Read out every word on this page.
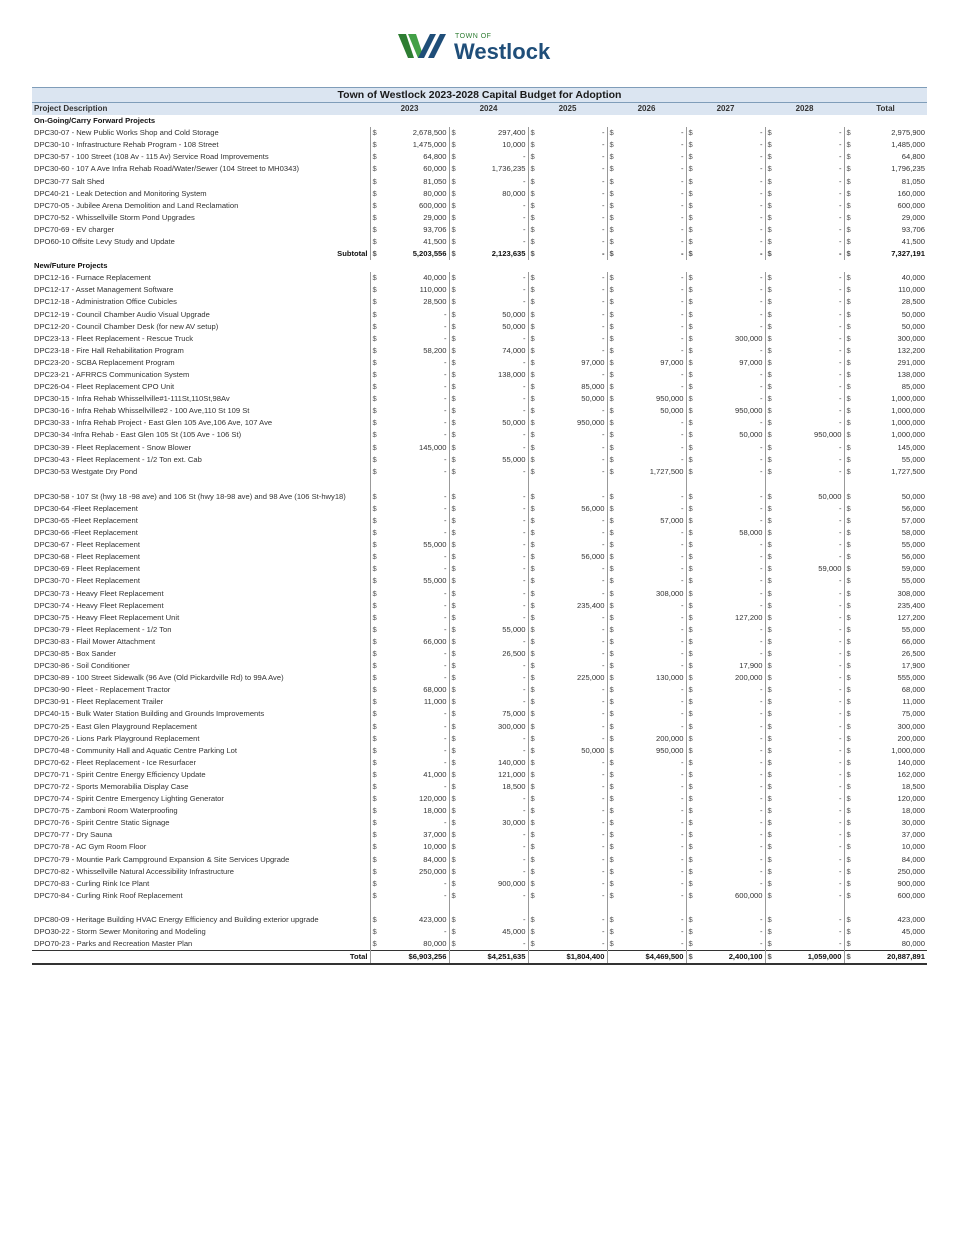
TOWN OF
Westlock
Town of Westlock 2023-2028 Capital Budget for Adoption
Project Description	2023	2024	2025	2026	2027	2028	Total
On-Going/Carry Forward Projects							
DPC30-07 - New Public Works Shop and Cold Storage	$ 2,678,500	$ 297,400	$ -	$ -	$ -	$ -	$ 2,975,900

DPC30-10 - Infrastructure Rehab Program - 108 Street	$ 1,475,000	$ 10,000	$ -	$ -	$ -	$ -	$ 1,485,000

DPC30-57 - 100 Street (108 Av - 115 Av) Service Road Improvements	$ 64,800	$ -	$ -	$ -	$ -	$ -	$ 64,800

DPC30-60 - 107 A Ave Infra Rehab Road/Water/Sewer (104 Street to MH0343)	$ 60,000	$ 1,736,235	$ -	$ -	$ -	$ -	$ 1,796,235

DPC30-77 Salt Shed	$ 81,050	$ -	$ -	$ -	$ -	$ -	$ 81,050

DPC40-21 - Leak Detection and Monitoring System	$ 80,000	$ 80,000	$ -	$ -	$ -	$ -	$ 160,000

DPC70-05 - Jubilee Arena Demolition and Land Reclamation	$ 600,000	$ -	$ -	$ -	$ -	$ -	$ 600,000

DPC70-52 - Whissellville Storm Pond Upgrades	$ 29,000	$ -	$ -	$ -	$ -	$ -	$ 29,000

DPC70-69 - EV charger	$ 93,706	$ -	$ -	$ -	$ -	$ -	$ 93,706

DPO60-10 Offsite Levy Study and Update	$ 41,500	$ -	$ -	$ -	$ -	$ -	$ 41,500

Subtotal	$ 5,203,556	$ 2,123,635	$ -	$ -	$ -	$ -	$ 7,327,191

New/Future Projects							
DPC12-16 - Furnace Replacement	$ 40,000	$ -	$ -	$ -	$ -	$ -	$ 40,000

DPC12-17 - Asset Management Software	$ 110,000	$ -	$ -	$ -	$ -	$ -	$ 110,000

DPC12-18 - Administration Office Cubicles	$ 28,500	$ -	$ -	$ -	$ -	$ -	$ 28,500

DPC12-19 - Council Chamber Audio Visual Upgrade	$ -	$ 50,000	$ -	$ -	$ -	$ -	$ 50,000

DPC12-20 - Council Chamber Desk (for new AV setup)	$ -	$ 50,000	$ -	$ -	$ -	$ -	$ 50,000

DPC23-13 - Fleet Replacement - Rescue Truck	$ -	$ -	$ -	$ -	$ 300,000	$ -	$ 300,000

DPC23-18 - Fire Hall Rehabilitation Program	$ 58,200	$ 74,000	$ -	$ -	$ -	$ -	$ 132,200

DPC23-20 - SCBA Replacement Program	$ -	$ -	$ 97,000	$ 97,000	$ 97,000	$ -	$ 291,000

DPC23-21 - AFRRCS Communication System	$ -	$ 138,000	$ -	$ -	$ -	$ -	$ 138,000

DPC26-04 - Fleet Replacement CPO Unit	$ -	$ -	$ 85,000	$ -	$ -	$ -	$ 85,000

DPC30-15 - Infra Rehab Whissellville#1-111St,110St,98Av	$ -	$ -	$ 50,000	$ 950,000	$ -	$ -	$ 1,000,000

DPC30-16 - Infra Rehab Whissellville#2 - 100 Ave,110 St 109 St	$ -	$ -	$ -	$ 50,000	$ 950,000	$ -	$ 1,000,000

DPC30-33 - Infra Rehab Project - East Glen 105 Ave,106 Ave, 107 Ave	$ -	$ 50,000	$ 950,000	$ -	$ -	$ -	$ 1,000,000

DPC30-34 -Infra Rehab - East Glen 105 St (105 Ave - 106 St)	$ -	$ -	$ -	$ -	$ 50,000	$ 950,000	$ 1,000,000

DPC30-39 - Fleet Replacement - Snow Blower	$ 145,000	$ -	$ -	$ -	$ -	$ -	$ 145,000

DPC30-43 - Fleet Replacement - 1/2 Ton ext. Cab	$ -	$ 55,000	$ -	$ -	$ -	$ -	$ 55,000

DPC30-53 Westgate Dry Pond	$ -	$ -	$ -	$ 1,727,500	$ -	$ -	$ 1,727,500

DPC30-58 - 107 St (hwy 18 -98 ave) and 106 St (hwy 18-98 ave) and 98 Ave (106 St-hwy18)	$ -	$ -	$ -	$ -	$ -	$ 50,000	$ 50,000

DPC30-64 -Fleet Replacement	$ -	$ -	$ 56,000	$ -	$ -	$ -	$ 56,000

DPC30-65 -Fleet Replacement	$ -	$ -	$ -	$ 57,000	$ -	$ -	$ 57,000

DPC30-66 -Fleet Replacement	$ -	$ -	$ -	$ -	$ 58,000	$ -	$ 58,000

DPC30-67 - Fleet Replacement	$ 55,000	$ -	$ -	$ -	$ -	$ -	$ 55,000

DPC30-68 - Fleet Replacement	$ -	$ -	$ 56,000	$ -	$ -	$ -	$ 56,000

DPC30-69 - Fleet Replacement	$ -	$ -	$ -	$ -	$ -	$ 59,000	$ 59,000

DPC30-70 - Fleet Replacement	$ 55,000	$ -	$ -	$ -	$ -	$ -	$ 55,000

DPC30-73 - Heavy Fleet Replacement	$ -	$ -	$ -	$ 308,000	$ -	$ -	$ 308,000

DPC30-74 - Heavy Fleet Replacement	$ -	$ -	$ 235,400	$ -	$ -	$ -	$ 235,400

DPC30-75 - Heavy Fleet Replacement Unit	$ -	$ -	$ -	$ -	$ 127,200	$ -	$ 127,200

DPC30-79 - Fleet Replacement - 1/2 Ton	$ -	$ 55,000	$ -	$ -	$ -	$ -	$ 55,000

DPC30-83 - Flail Mower Attachment	$ 66,000	$ -	$ -	$ -	$ -	$ -	$ 66,000

DPC30-85 - Box Sander	$ -	$ 26,500	$ -	$ -	$ -	$ -	$ 26,500

DPC30-86 - Soil Conditioner	$ -	$ -	$ -	$ -	$ 17,900	$ -	$ 17,900

DPC30-89 - 100 Street Sidewalk (96 Ave (Old Pickardville Rd) to 99A Ave)	$ -	$ -	$ 225,000	$ 130,000	$ 200,000	$ -	$ 555,000

DPC30-90 - Fleet - Replacement Tractor	$ 68,000	$ -	$ -	$ -	$ -	$ -	$ 68,000

DPC30-91 - Fleet Replacement Trailer	$ 11,000	$ -	$ -	$ -	$ -	$ -	$ 11,000

DPC40-15 - Bulk Water Station Building and Grounds Improvements	$ -	$ 75,000	$ -	$ -	$ -	$ -	$ 75,000

DPC70-25 - East Glen Playground Replacement	$ -	$ 300,000	$ -	$ -	$ -	$ -	$ 300,000

DPC70-26 - Lions Park Playground Replacement	$ -	$ -	$ -	$ 200,000	$ -	$ -	$ 200,000

DPC70-48 - Community Hall and Aquatic Centre Parking Lot	$ -	$ -	$ 50,000	$ 950,000	$ -	$ -	$ 1,000,000

DPC70-62 - Fleet Replacement - Ice Resurfacer	$ -	$ 140,000	$ -	$ -	$ -	$ -	$ 140,000

DPC70-71 - Spirit Centre Energy Efficiency Update	$ 41,000	$ 121,000	$ -	$ -	$ -	$ -	$ 162,000

DPC70-72 - Sports Memorabilia Display Case	$ -	$ 18,500	$ -	$ -	$ -	$ -	$ 18,500

DPC70-74 - Spirit Centre Emergency Lighting Generator	$ 120,000	$ -	$ -	$ -	$ -	$ -	$ 120,000

DPC70-75 - Zamboni Room Waterproofing	$ 18,000	$ -	$ -	$ -	$ -	$ -	$ 18,000

DPC70-76 - Spirit Centre Static Signage	$ -	$ 30,000	$ -	$ -	$ -	$ -	$ 30,000

DPC70-77 - Dry Sauna	$ 37,000	$ -	$ -	$ -	$ -	$ -	$ 37,000

DPC70-78 - AC Gym Room Floor	$ 10,000	$ -	$ -	$ -	$ -	$ -	$ 10,000

DPC70-79 - Mountie Park Campground Expansion & Site Services Upgrade	$ 84,000	$ -	$ -	$ -	$ -	$ -	$ 84,000

DPC70-82 - Whissellville Natural Accessibility Infrastructure	$ 250,000	$ -	$ -	$ -	$ -	$ -	$ 250,000

DPC70-83 - Curling Rink Ice Plant	$ -	$ 900,000	$ -	$ -	$ -	$ -	$ 900,000

DPC70-84 - Curling Rink Roof Replacement	$ -	$ -	$ -	$ -	$ 600,000	$ -	$ 600,000

DPC80-09 - Heritage Building HVAC Energy Efficiency and Building exterior upgrade	$ 423,000	$ -	$ -	$ -	$ -	$ -	$ 423,000

DPO30-22 - Storm Sewer Monitoring and Modeling	$ -	$ 45,000	$ -	$ -	$ -	$ -	$ 45,000

DPO70-23 - Parks and Recreation Master Plan	$ 80,000	$ -	$ -	$ -	$ -	$ -	$ 80,000

Total	$6,903,256	$4,251,635	$1,804,400	$4,469,500	$ 2,400,100	$ 1,059,000	$ 20,887,891
